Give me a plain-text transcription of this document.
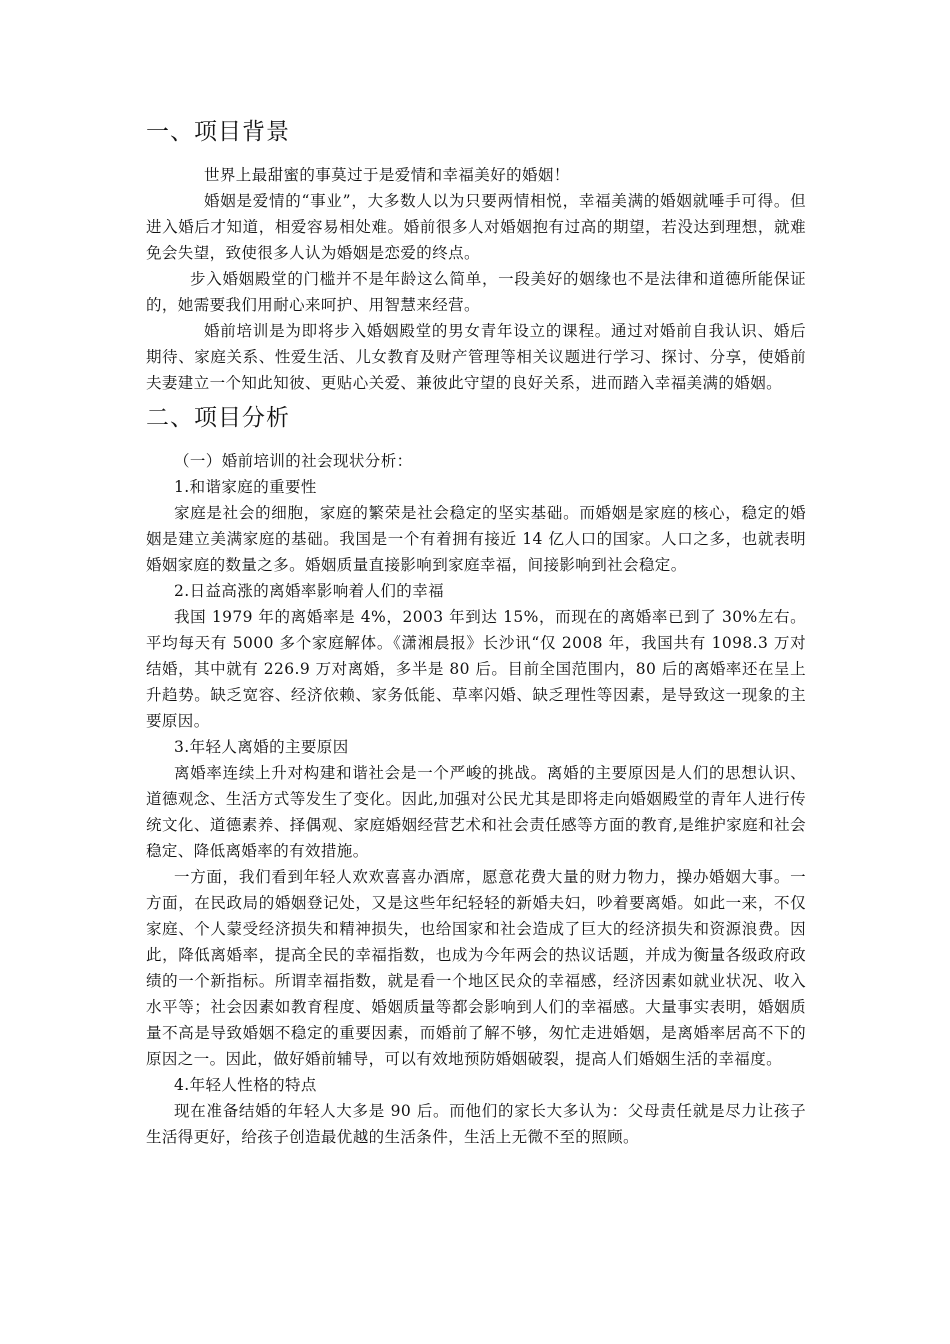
一、项目背景

世界上最甜蜜的事莫过于是爱情和幸福美好的婚姻！

婚姻是爱情的“事业”，大多数人以为只要两情相悦，幸福美满的婚姻就唾手可得。但进入婚后才知道，相爱容易相处难。婚前很多人对婚姻抱有过高的期望，若没达到理想，就难免会失望，致使很多人认为婚姻是恋爱的终点。

步入婚姻殿堂的门槛并不是年龄这么简单，一段美好的姻缘也不是法律和道德所能保证的，她需要我们用耐心来呵护、用智慧来经营。

婚前培训是为即将步入婚姻殿堂的男女青年设立的课程。通过对婚前自我认识、婚后期待、家庭关系、性爱生活、儿女教育及财产管理等相关议题进行学习、探讨、分享，使婚前夫妻建立一个知此知彼、更贴心关爱、兼彼此守望的良好关系，进而踏入幸福美满的婚姻。

二、项目分析

（一）婚前培训的社会现状分析：

1.和谐家庭的重要性

家庭是社会的细胞，家庭的繁荣是社会稳定的坚实基础。而婚姻是家庭的核心，稳定的婚姻是建立美满家庭的基础。我国是一个有着拥有接近 14 亿人口的国家。人口之多，也就表明婚姻家庭的数量之多。婚姻质量直接影响到家庭幸福，间接影响到社会稳定。

2.日益高涨的离婚率影响着人们的幸福

我国 1979 年的离婚率是 4%，2003 年到达 15%，而现在的离婚率已到了 30%左右。平均每天有 5000 多个家庭解体。《潇湘晨报》长沙讯“仅 2008 年，我国共有 1098.3 万对结婚，其中就有 226.9 万对离婚，多半是 80 后。目前全国范围内，80 后的离婚率还在呈上升趋势。缺乏宽容、经济依赖、家务低能、草率闪婚、缺乏理性等因素，是导致这一现象的主要原因。

3.年轻人离婚的主要原因

离婚率连续上升对构建和谐社会是一个严峻的挑战。离婚的主要原因是人们的思想认识、道德观念、生活方式等发生了变化。因此,加强对公民尤其是即将走向婚姻殿堂的青年人进行传统文化、道德素养、择偶观、家庭婚姻经营艺术和社会责任感等方面的教育,是维护家庭和社会稳定、降低离婚率的有效措施。

一方面，我们看到年轻人欢欢喜喜办酒席，愿意花费大量的财力物力，操办婚姻大事。一方面，在民政局的婚姻登记处，又是这些年纪轻轻的新婚夫妇，吵着要离婚。如此一来，不仅家庭、个人蒙受经济损失和精神损失，也给国家和社会造成了巨大的经济损失和资源浪费。因此，降低离婚率，提高全民的幸福指数，也成为今年两会的热议话题，并成为衡量各级政府政绩的一个新指标。所谓幸福指数，就是看一个地区民众的幸福感，经济因素如就业状况、收入水平等；社会因素如教育程度、婚姻质量等都会影响到人们的幸福感。大量事实表明，婚姻质量不高是导致婚姻不稳定的重要因素，而婚前了解不够，匆忙走进婚姻，是离婚率居高不下的原因之一。因此，做好婚前辅导，可以有效地预防婚姻破裂，提高人们婚姻生活的幸福度。

4.年轻人性格的特点

现在准备结婚的年轻人大多是 90 后。而他们的家长大多认为：父母责任就是尽力让孩子生活得更好，给孩子创造最优越的生活条件，生活上无微不至的照顾。
